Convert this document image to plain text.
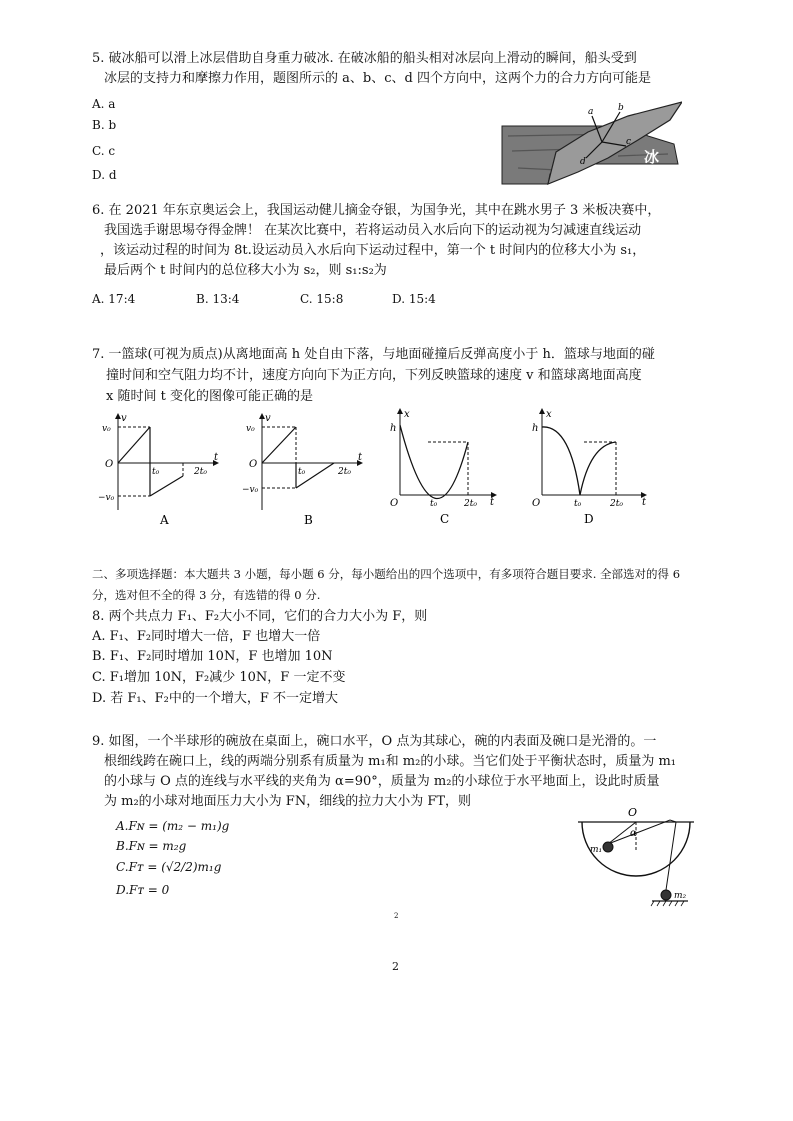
5. 破冰船可以滑上冰层借助自身重力破冰. 在破冰船的船头相对冰层向上滑动的瞬间，船头受到
冰层的支持力和摩擦力作用，题图所示的 a、b、c、d 四个方向中，这两个力的合力方向可能是
A. a
B. b
C. c
D. d
a	b
c
d	冰
6. 在 2021 年东京奥运会上，我国运动健儿摘金夺银，为国争光，其中在跳水男子 3 米板决赛中，
我国选手谢思埸夺得金牌！ 在某次比赛中，若将运动员入水后向下的运动视为匀减速直线运动
，该运动过程的时间为 8t.设运动员入水后向下运动过程中，第一个 t 时间内的位移大小为 s₁，
最后两个 t 时间内的总位移大小为 s₂，则 s₁:s₂为
A. 17:4	B. 13:4	C. 15:8	D. 15:4
7. 一篮球(可视为质点)从离地面高 h 处自由下落，与地面碰撞后反弹高度小于 h．篮球与地面的碰
撞时间和空气阻力均不计，速度方向向下为正方向，下列反映篮球的速度 v 和篮球离地面高度
x 随时间 t 变化的图像可能正确的是
v
v₀
O
−v₀
t₀	2t₀
t
A
v
v₀
O
−v₀
t₀	2t₀
t
B
x
h
O	t₀	2t₀ t
C
x
h
O	t₀	2t₀ t
D
二、多项选择题：本大题共 3 小题，每小题 6 分，每小题给出的四个选项中，有多项符合题目要求. 全部选对的得 6
分，选对但不全的得 3 分，有选错的得 0 分.
8. 两个共点力 F₁、F₂大小不同，它们的合力大小为 F，则
A. F₁、F₂同时增大一倍，F 也增大一倍
B. F₁、F₂同时增加 10N，F 也增加 10N
C. F₁增加 10N，F₂减少 10N，F 一定不变
D. 若 F₁、F₂中的一个增大，F 不一定增大
9. 如图，一个半球形的碗放在桌面上，碗口水平，O 点为其球心，碗的内表面及碗口是光滑的。一
根细线跨在碗口上，线的两端分别系有质量为 m₁和 m₂的小球。当它们处于平衡状态时，质量为 m₁
的小球与 O 点的连线与水平线的夹角为 α=90°，质量为 m₂的小球位于水平地面上，设此时质量
为 m₂的小球对地面压力大小为 FN，细线的拉力大小为 FT，则
A.Fɴ = (m₂ − m₁)g
B.Fɴ = m₂g
C.Fᴛ = (√2/2)m₁g
D.Fᴛ = 0
O
α
m₁
m₂
2
2
